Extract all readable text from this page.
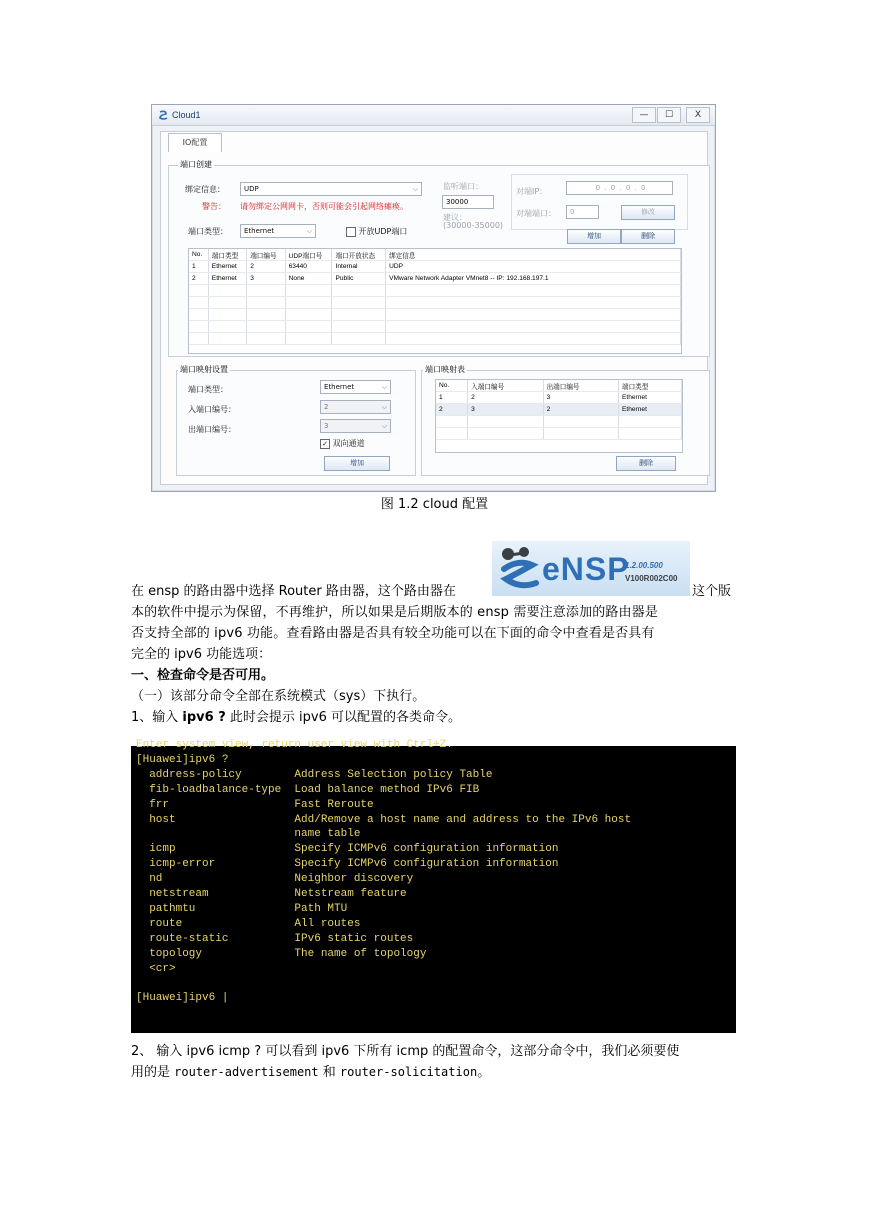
Cloud1	—	☐	X
IO配置
端口创建
绑定信息：	UDP	⌵
警告： 请勿绑定公网网卡，否则可能会引起网络瘫痪。
端口类型：	Ethernet	⌵	开放UDP端口
监听端口：
30000
建议：
(30000-35000)
对端IP：	0 . 0 . 0 . 0
对端端口：	0	修改
增加	删除
No.	端口类型	端口编号	UDP端口号	端口开放状态	绑定信息
1	Ethernet	2	63440	Internal	UDP
2	Ethernet	3	None	Public	VMware Network Adapter VMnet8 -- IP: 192.168.197.1

端口映射设置
端口类型：	Ethernet	⌵
入端口编号：	2	⌵
出端口编号：	3	⌵
✓ 双向通道
增加
端口映射表
No.	入端口编号	出端口编号	端口类型
1	2	3	Ethernet
2	3	2	Ethernet

删除
图 1.2 cloud 配置
eNSP
1.2.00.500
V100R002C00
在 ensp 的路由器中选择 Router 路由器，这个路由器在	这个版
本的软件中提示为保留，不再维护，所以如果是后期版本的 ensp 需要注意添加的路由器是
否支持全部的 ipv6 功能。查看路由器是否具有较全功能可以在下面的命令中查看是否具有
完全的 ipv6 功能选项：
一、检查命令是否可用。
（一）该部分命令全部在系统模式（sys）下执行。
1、输入 ipv6 ? 此时会提示 ipv6 可以配置的各类命令。
Enter system view, return user view with Ctrl+Z.
[Huawei]ipv6 ?
address-policy        Address Selection policy Table
fib-loadbalance-type  Load balance method IPv6 FIB
frr                   Fast Reroute
host                  Add/Remove a host name and address to the IPv6 host
name table
icmp                  Specify ICMPv6 configuration information
icmp-error            Specify ICMPv6 configuration information
nd                    Neighbor discovery
netstream             Netstream feature
pathmtu               Path MTU
route                 All routes
route-static          IPv6 static routes
topology              The name of topology
<cr>
[Huawei]ipv6 |
2、 输入 ipv6 icmp ? 可以看到 ipv6 下所有 icmp 的配置命令，这部分命令中，我们必须要使
用的是 router-advertisement 和 router-solicitation。
